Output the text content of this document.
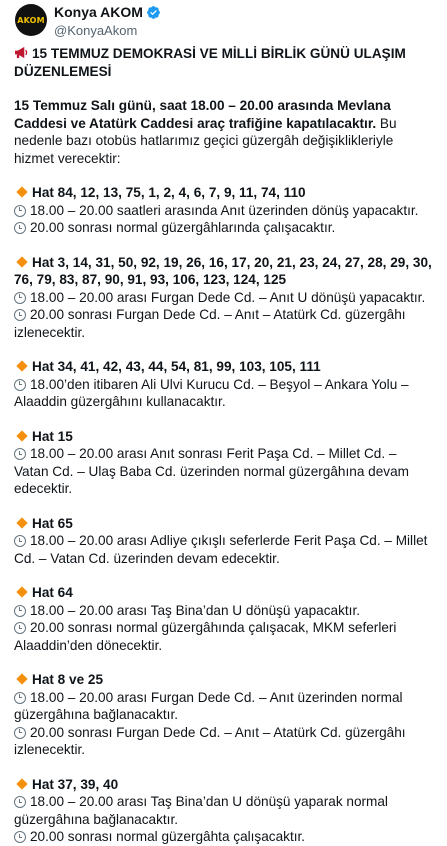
AKOM Konya AKOM
@KonyaAkom
15 TEMMUZ DEMOKRASİ VE MİLLİ BİRLİK GÜNÜ ULAŞIM DÜZENLEMESİ
15 Temmuz Salı günü, saat 18.00 – 20.00 arasında Mevlana Caddesi ve Atatürk Caddesi araç trafiğine kapatılacaktır. Bu nedenle bazı otobüs hatlarımız geçici güzergâh değişiklikleriyle hizmet verecektir:
Hat 84, 12, 13, 75, 1, 2, 4, 6, 7, 9, 11, 74, 110
18.00 – 20.00 saatleri arasında Anıt üzerinden dönüş yapacaktır.
20.00 sonrası normal güzergâhlarında çalışacaktır.
Hat 3, 14, 31, 50, 92, 19, 26, 16, 17, 20, 21, 23, 24, 27, 28, 29, 30, 76, 79, 83, 87, 90, 91, 93, 106, 123, 124, 125
18.00 – 20.00 arası Furgan Dede Cd. – Anıt U dönüşü yapacaktır.
20.00 sonrası Furgan Dede Cd. – Anıt – Atatürk Cd. güzergâhı izlenecektir.
Hat 34, 41, 42, 43, 44, 54, 81, 99, 103, 105, 111
18.00’den itibaren Ali Ulvi Kurucu Cd. – Beşyol – Ankara Yolu – Alaaddin güzergâhını kullanacaktır.
Hat 15
18.00 – 20.00 arası Anıt sonrası Ferit Paşa Cd. – Millet Cd. – Vatan Cd. – Ulaş Baba Cd. üzerinden normal güzergâhına devam edecektir.
Hat 65
18.00 – 20.00 arası Adliye çıkışlı seferlerde Ferit Paşa Cd. – Millet Cd. – Vatan Cd. üzerinden devam edecektir.
Hat 64
18.00 – 20.00 arası Taş Bina’dan U dönüşü yapacaktır.
20.00 sonrası normal güzergâhında çalışacak, MKM seferleri Alaaddin’den dönecektir.
Hat 8 ve 25
18.00 – 20.00 arası Furgan Dede Cd. – Anıt üzerinden normal güzergâhına bağlanacaktır.
20.00 sonrası Furgan Dede Cd. – Anıt – Atatürk Cd. güzergâhı izlenecektir.
Hat 37, 39, 40
18.00 – 20.00 arası Taş Bina’dan U dönüşü yaparak normal güzergâhına bağlanacaktır.
20.00 sonrası normal güzergâhta çalışacaktır.
